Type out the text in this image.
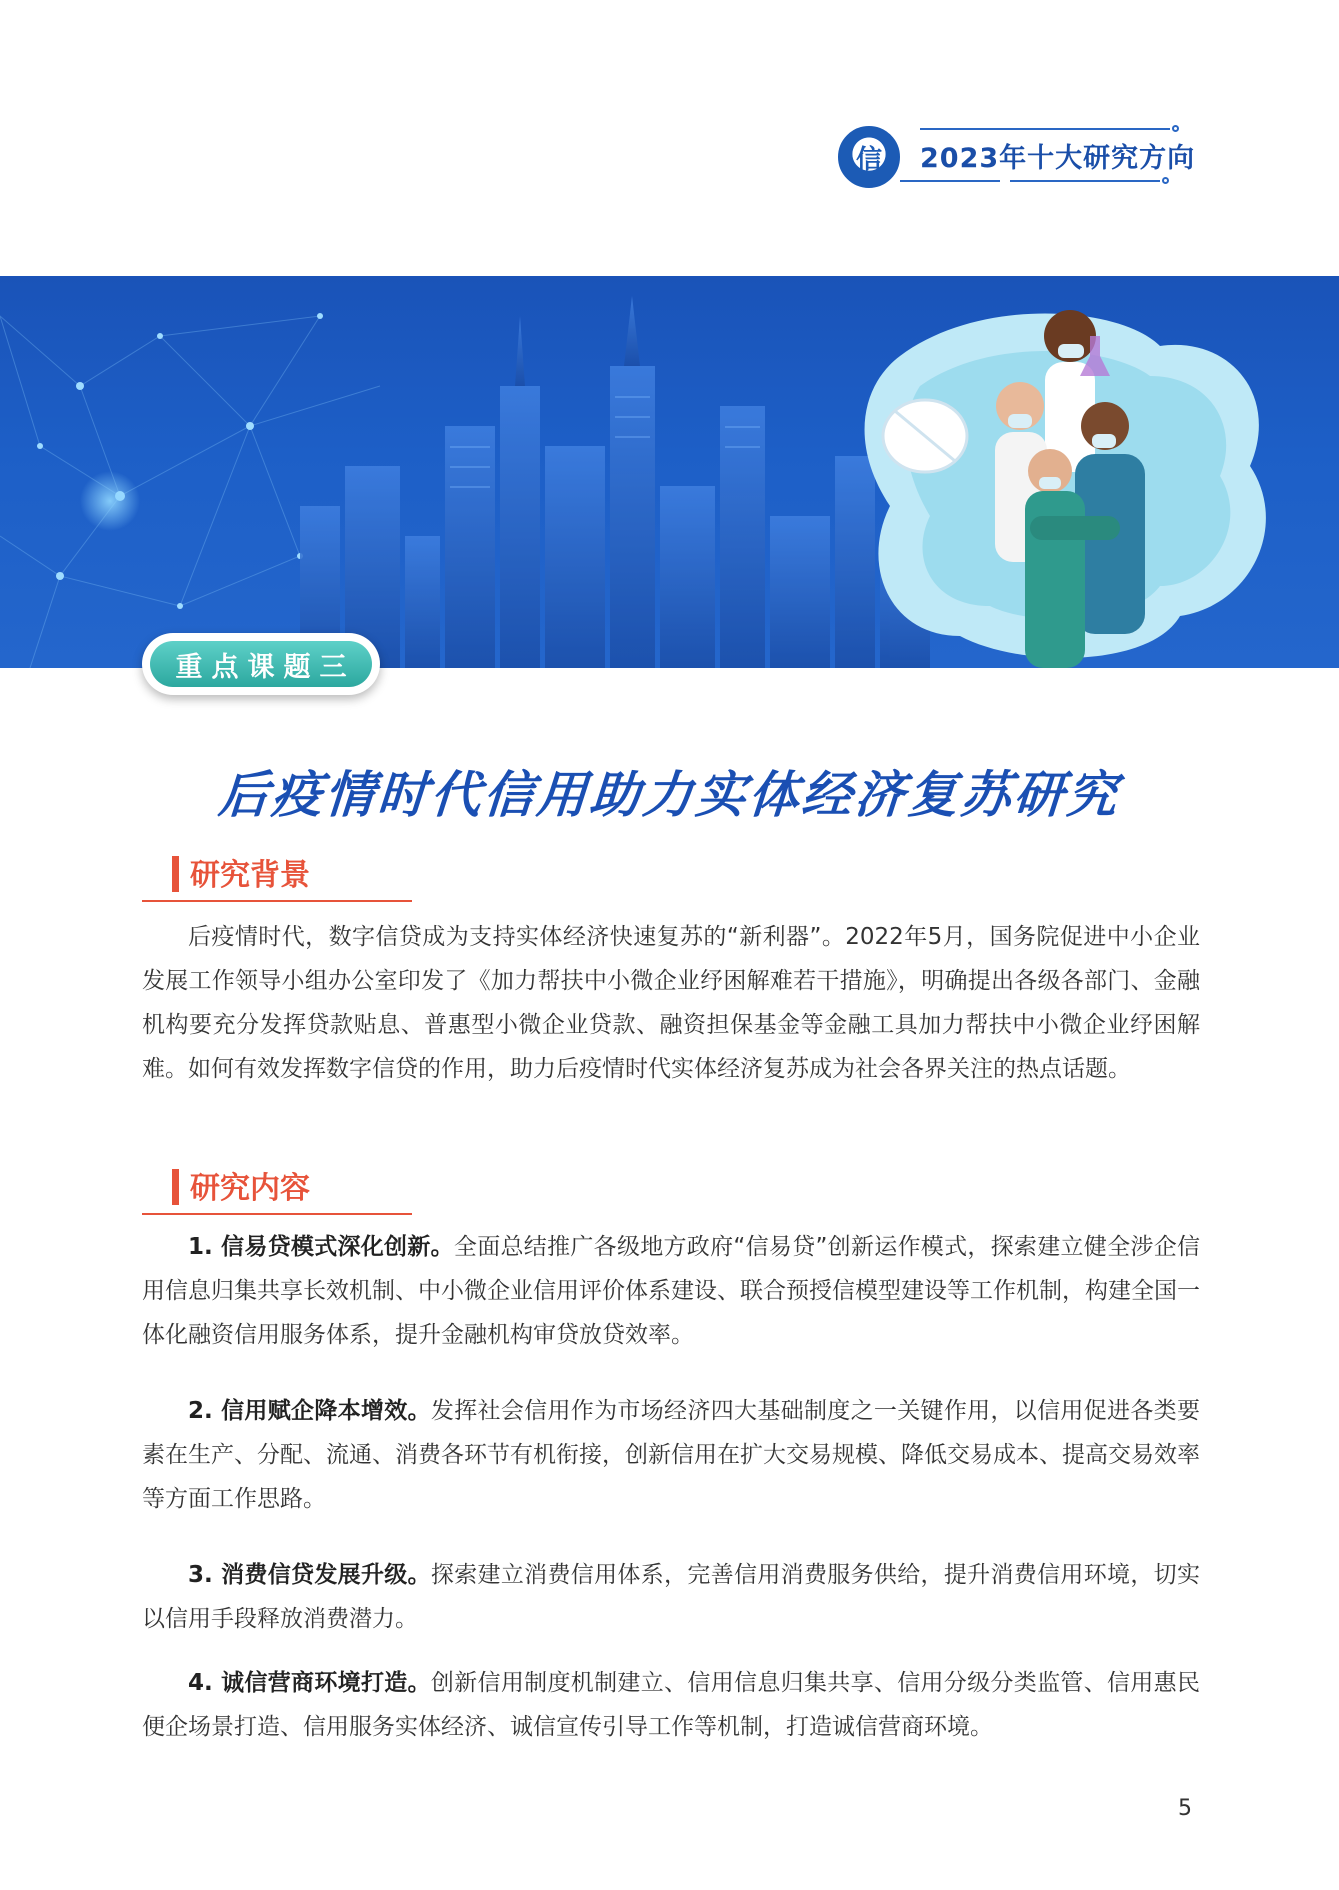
信	2023年十大研究方向
重点课题三
后疫情时代信用助力实体经济复苏研究
研究背景
后疫情时代，数字信贷成为支持实体经济快速复苏的“新利器”。2022年5月，国务院促进中小企业发展工作领导小组办公室印发了《加力帮扶中小微企业纾困解难若干措施》，明确提出各级各部门、金融机构要充分发挥贷款贴息、普惠型小微企业贷款、融资担保基金等金融工具加力帮扶中小微企业纾困解难。如何有效发挥数字信贷的作用，助力后疫情时代实体经济复苏成为社会各界关注的热点话题。
研究内容
1. 信易贷模式深化创新。全面总结推广各级地方政府“信易贷”创新运作模式，探索建立健全涉企信用信息归集共享长效机制、中小微企业信用评价体系建设、联合预授信模型建设等工作机制，构建全国一体化融资信用服务体系，提升金融机构审贷放贷效率。
2. 信用赋企降本增效。发挥社会信用作为市场经济四大基础制度之一关键作用，以信用促进各类要素在生产、分配、流通、消费各环节有机衔接，创新信用在扩大交易规模、降低交易成本、提高交易效率等方面工作思路。
3. 消费信贷发展升级。探索建立消费信用体系，完善信用消费服务供给，提升消费信用环境，切实以信用手段释放消费潜力。
4. 诚信营商环境打造。创新信用制度机制建立、信用信息归集共享、信用分级分类监管、信用惠民便企场景打造、信用服务实体经济、诚信宣传引导工作等机制，打造诚信营商环境。
5
